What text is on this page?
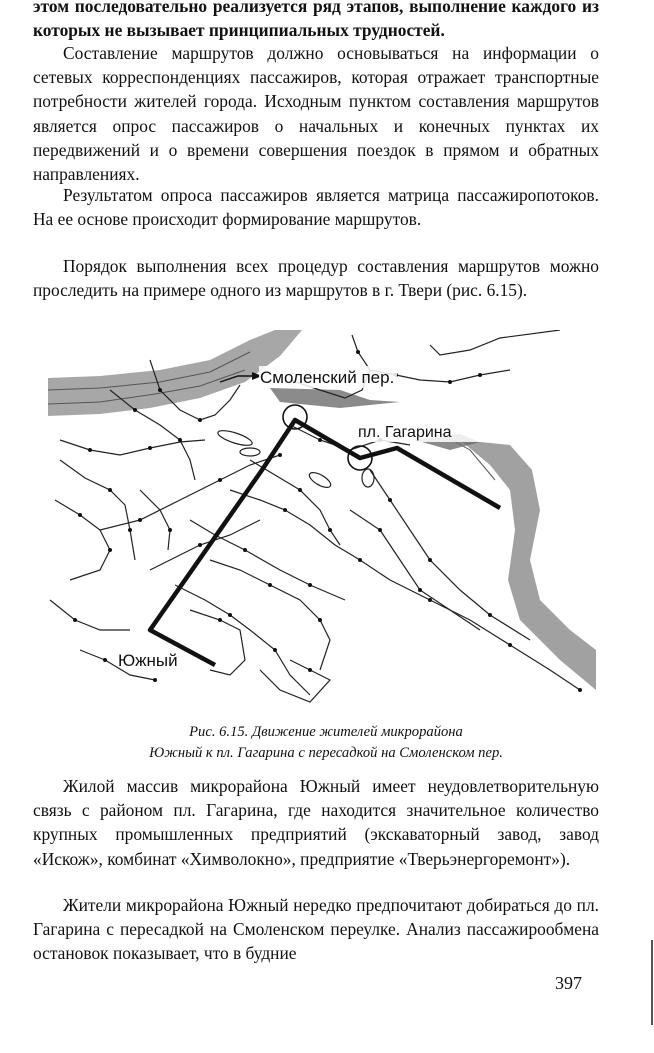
этом последовательно реализуется ряд этапов, выполнение каждого из которых не вызывает принципиальных трудностей.

Составление маршрутов должно основываться на информации о сетевых корреспонденциях пассажиров, которая отражает транспортные потребности жителей города. Исходным пунктом составления маршрутов является опрос пассажиров о начальных и конечных пунктах их передвижений и о времени совершения поездок в прямом и обратных направлениях.

Результатом опроса пассажиров является матрица пассажиропотоков. На ее основе происходит формирование маршрутов.

Порядок выполнения всех процедур составления маршрутов можно проследить на примере одного из маршрутов в г. Твери (рис. 6.15).

Смоленский пер.
пл. Гагарина
Южный
Рис. 6.15. Движение жителей микрорайона
Южный к пл. Гагарина с пересадкой на Смоленском пер.

Жилой массив микрорайона Южный имеет неудовлетворительную связь с районом пл. Гагарина, где находится значительное количество крупных промышленных предприятий (экскаваторный завод, завод «Искож», комбинат «Химволокно», предприятие «Тверьэнергоремонт»).

Жители микрорайона Южный нередко предпочитают добираться до пл. Гагарина с пересадкой на Смоленском переулке. Анализ пассажирообмена остановок показывает, что в будние

397
